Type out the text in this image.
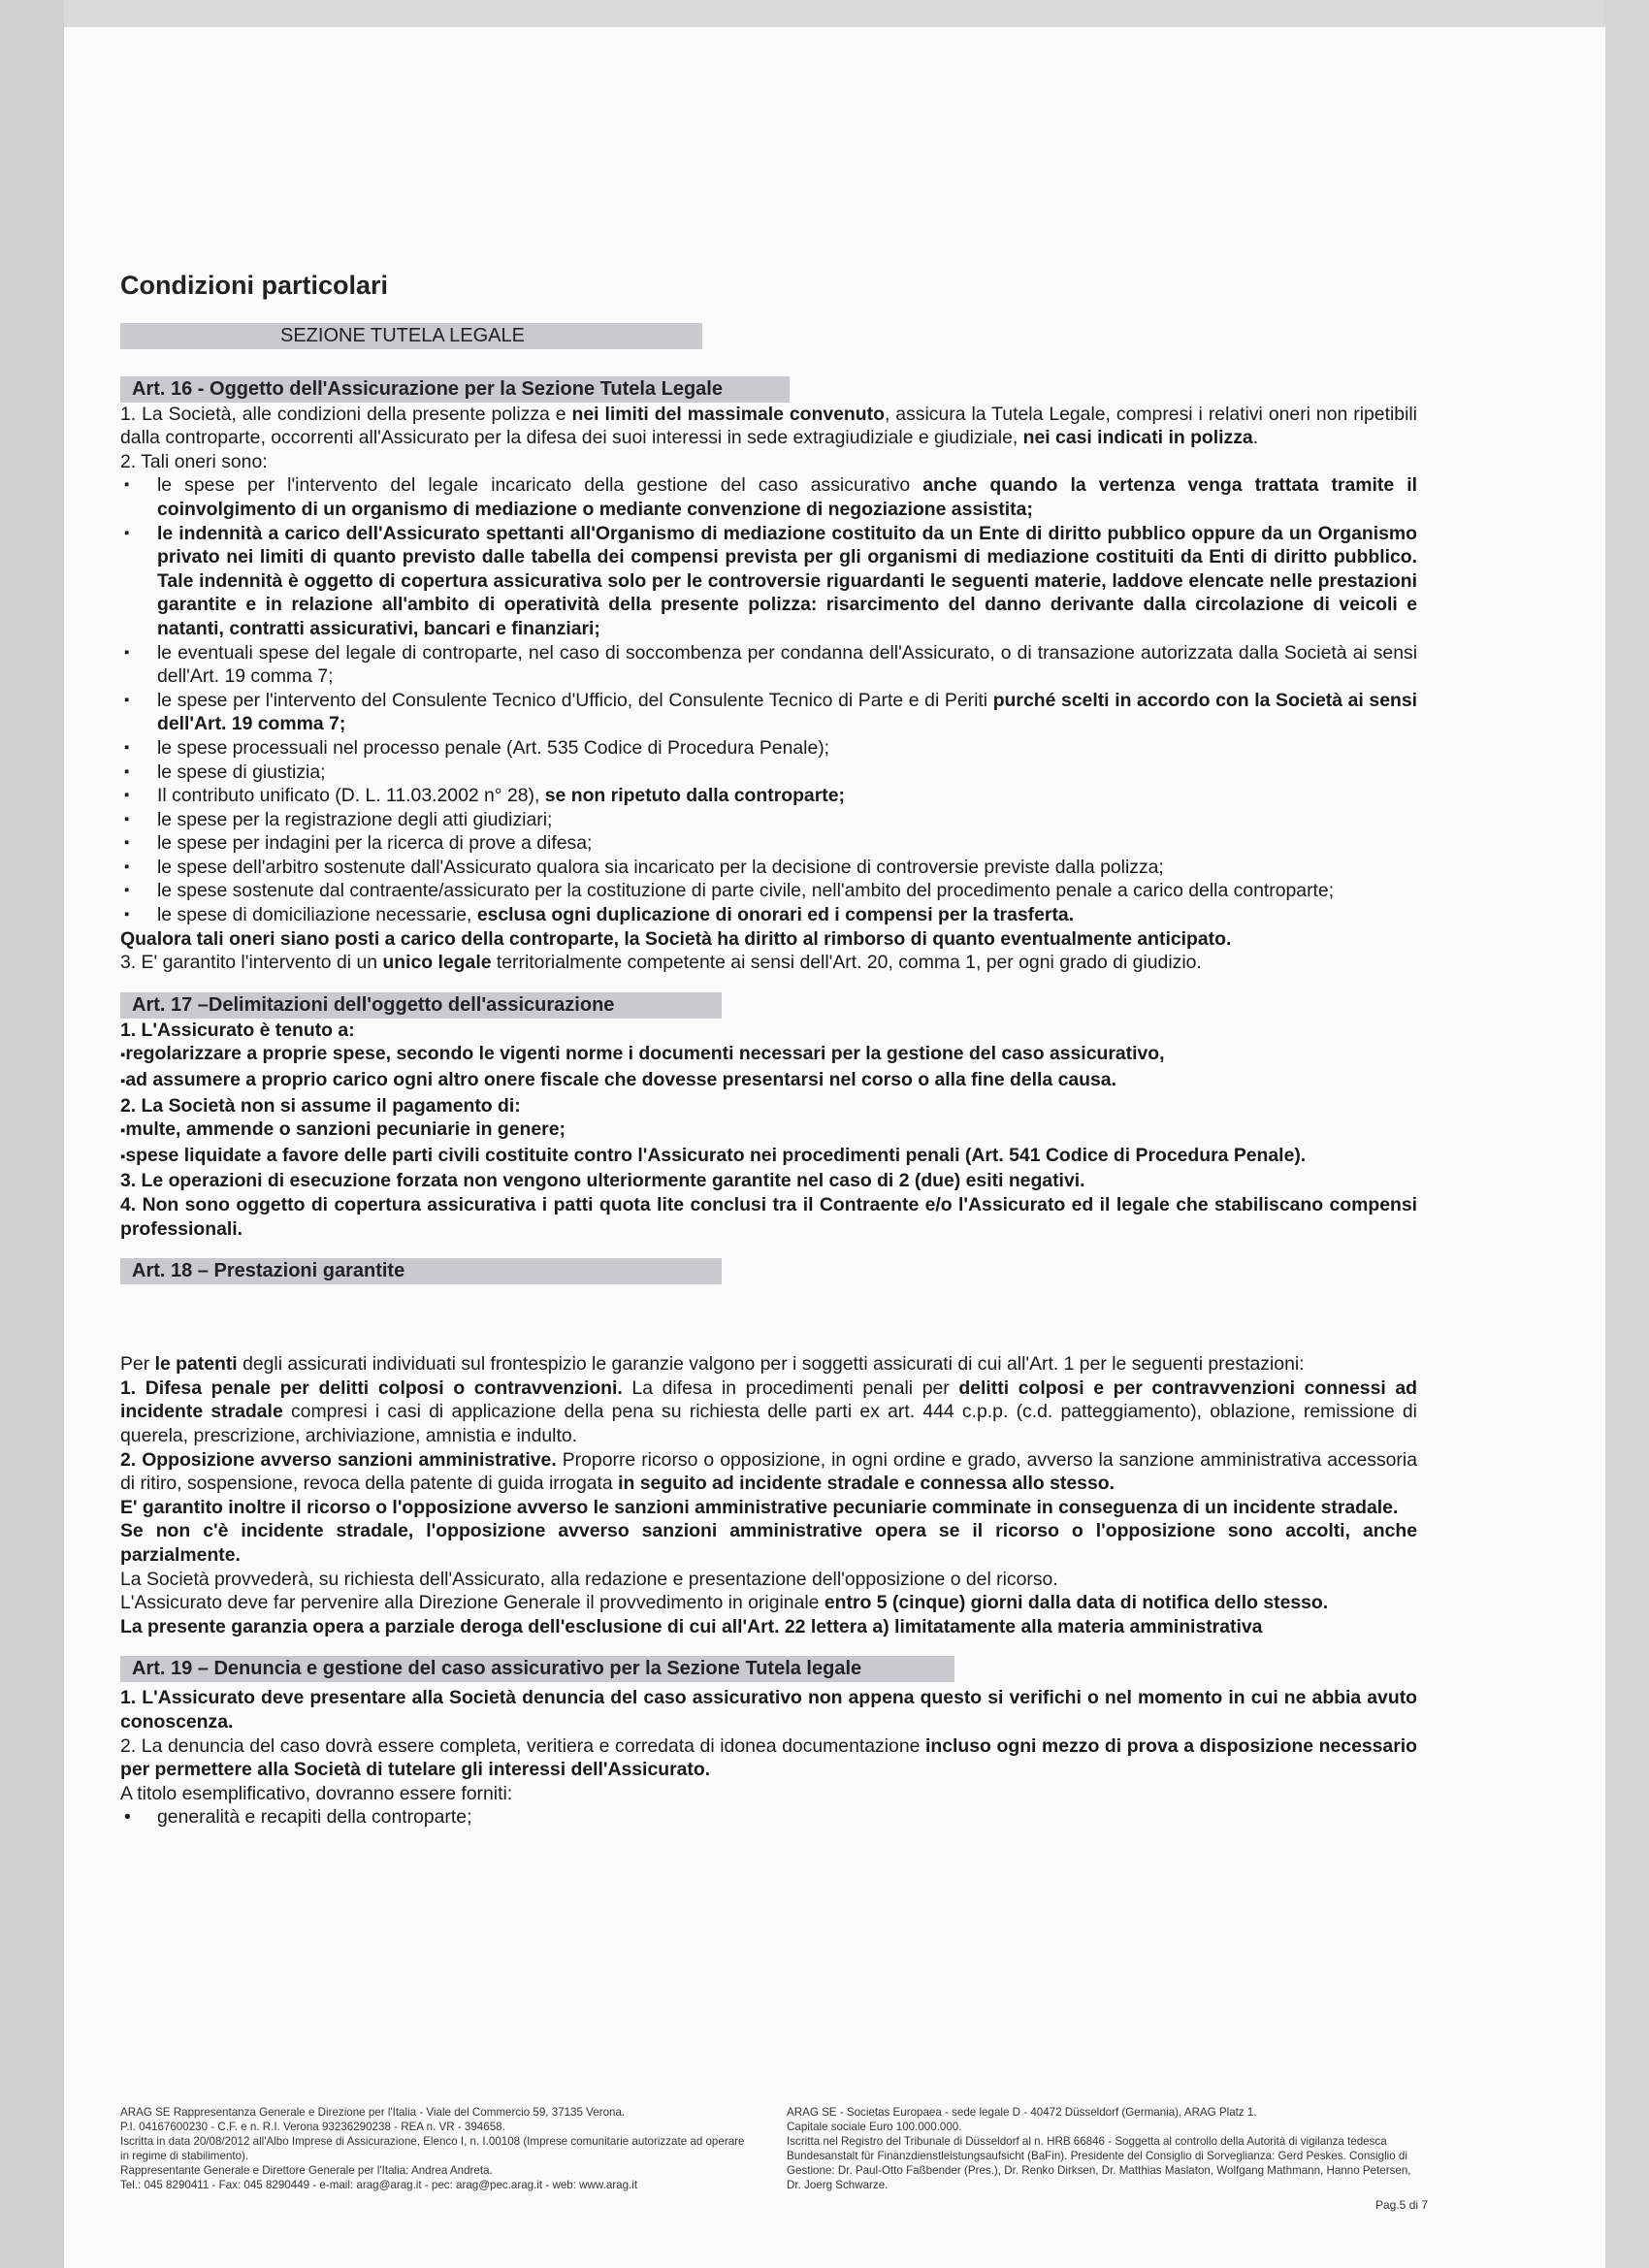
Condizioni particolari
SEZIONE TUTELA LEGALE
Art. 16 - Oggetto dell'Assicurazione per la Sezione Tutela Legale

1. La Società, alle condizioni della presente polizza e nei limiti del massimale convenuto, assicura la Tutela Legale, compresi i relativi oneri non ripetibili dalla controparte, occorrenti all'Assicurato per la difesa dei suoi interessi in sede extragiudiziale e giudiziale, nei casi indicati in polizza.

2. Tali oneri sono:

▪ le spese per l'intervento del legale incaricato della gestione del caso assicurativo anche quando la vertenza venga trattata tramite il coinvolgimento di un organismo di mediazione o mediante convenzione di negoziazione assistita;
▪ le indennità a carico dell'Assicurato spettanti all'Organismo di mediazione costituito da un Ente di diritto pubblico oppure da un Organismo privato nei limiti di quanto previsto dalle tabella dei compensi prevista per gli organismi di mediazione costituiti da Enti di diritto pubblico. Tale indennità è oggetto di copertura assicurativa solo per le controversie riguardanti le seguenti materie, laddove elencate nelle prestazioni garantite e in relazione all'ambito di operatività della presente polizza: risarcimento del danno derivante dalla circolazione di veicoli e natanti, contratti assicurativi, bancari e finanziari;
▪ le eventuali spese del legale di controparte, nel caso di soccombenza per condanna dell'Assicurato, o di transazione autorizzata dalla Società ai sensi dell'Art. 19 comma 7;
▪ le spese per l'intervento del Consulente Tecnico d'Ufficio, del Consulente Tecnico di Parte e di Periti purché scelti in accordo con la Società ai sensi dell'Art. 19 comma 7;
▪ le spese processuali nel processo penale (Art. 535 Codice di Procedura Penale);
▪ le spese di giustizia;
▪ Il contributo unificato (D. L. 11.03.2002 n° 28), se non ripetuto dalla controparte;
▪ le spese per la registrazione degli atti giudiziari;
▪ le spese per indagini per la ricerca di prove a difesa;
▪ le spese dell'arbitro sostenute dall'Assicurato qualora sia incaricato per la decisione di controversie previste dalla polizza;
▪ le spese sostenute dal contraente/assicurato per la costituzione di parte civile, nell'ambito del procedimento penale a carico della controparte;
▪ le spese di domiciliazione necessarie, esclusa ogni duplicazione di onorari ed i compensi per la trasferta.

Qualora tali oneri siano posti a carico della controparte, la Società ha diritto al rimborso di quanto eventualmente anticipato.

3. E' garantito l'intervento di un unico legale territorialmente competente ai sensi dell'Art. 20, comma 1, per ogni grado di giudizio.

Art. 17 –Delimitazioni dell'oggetto dell'assicurazione

1. L'Assicurato è tenuto a:

▪ regolarizzare a proprie spese, secondo le vigenti norme i documenti necessari per la gestione del caso assicurativo,

▪ ad assumere a proprio carico ogni altro onere fiscale che dovesse presentarsi nel corso o alla fine della causa.

2. La Società non si assume il pagamento di:

▪ multe, ammende o sanzioni pecuniarie in genere;

▪ spese liquidate a favore delle parti civili costituite contro l'Assicurato nei procedimenti penali (Art. 541 Codice di Procedura Penale).

3. Le operazioni di esecuzione forzata non vengono ulteriormente garantite nel caso di 2 (due) esiti negativi.

4. Non sono oggetto di copertura assicurativa i patti quota lite conclusi tra il Contraente e/o l'Assicurato ed il legale che stabiliscano compensi professionali.

Art. 18 – Prestazioni garantite

Per le patenti degli assicurati individuati sul frontespizio le garanzie valgono per i soggetti assicurati di cui all'Art. 1 per le seguenti prestazioni:

1. Difesa penale per delitti colposi o contravvenzioni. La difesa in procedimenti penali per delitti colposi e per contravvenzioni connessi ad incidente stradale compresi i casi di applicazione della pena su richiesta delle parti ex art. 444 c.p.p. (c.d. patteggiamento), oblazione, remissione di querela, prescrizione, archiviazione, amnistia e indulto.

2. Opposizione avverso sanzioni amministrative. Proporre ricorso o opposizione, in ogni ordine e grado, avverso la sanzione amministrativa accessoria di ritiro, sospensione, revoca della patente di guida irrogata in seguito ad incidente stradale e connessa allo stesso.

E' garantito inoltre il ricorso o l'opposizione avverso le sanzioni amministrative pecuniarie comminate in conseguenza di un incidente stradale.

Se non c'è incidente stradale, l'opposizione avverso sanzioni amministrative opera se il ricorso o l'opposizione sono accolti, anche parzialmente.

La Società provvederà, su richiesta dell'Assicurato, alla redazione e presentazione dell'opposizione o del ricorso.

L'Assicurato deve far pervenire alla Direzione Generale il provvedimento in originale entro 5 (cinque) giorni dalla data di notifica dello stesso.

La presente garanzia opera a parziale deroga dell'esclusione di cui all'Art. 22 lettera a) limitatamente alla materia amministrativa

Art. 19 – Denuncia e gestione del caso assicurativo per la Sezione Tutela legale

1. L'Assicurato deve presentare alla Società denuncia del caso assicurativo non appena questo si verifichi o nel momento in cui ne abbia avuto conoscenza.

2. La denuncia del caso dovrà essere completa, veritiera e corredata di idonea documentazione incluso ogni mezzo di prova a disposizione necessario per permettere alla Società di tutelare gli interessi dell'Assicurato.

A titolo esemplificativo, dovranno essere forniti:

• generalità e recapiti della controparte;
ARAG SE Rappresentanza Generale e Direzione per l'Italia - Viale del Commercio 59, 37135 Verona.
P.I. 04167600230 - C.F. e n. R.I. Verona 93236290238 - REA n. VR - 394658.
Iscritta in data 20/08/2012 all'Albo Imprese di Assicurazione, Elenco I, n. I.00108 (Imprese comunitarie autorizzate ad operare in regime di stabilimento).
Rappresentante Generale e Direttore Generale per l'Italia: Andrea Andreta.
Tel.: 045 8290411 - Fax: 045 8290449 - e-mail: arag@arag.it - pec: arag@pec.arag.it - web: www.arag.it
ARAG SE - Societas Europaea - sede legale D - 40472 Düsseldorf (Germania), ARAG Platz 1.
Capitale sociale Euro 100.000.000.
Iscritta nel Registro del Tribunale di Düsseldorf al n. HRB 66846 - Soggetta al controllo della Autorità di vigilanza tedesca Bundesanstalt für Finanzdienstleistungsaufsicht (BaFin). Presidente del Consiglio di Sorveglianza: Gerd Peskes. Consiglio di Gestione: Dr. Paul-Otto Faßbender (Pres.), Dr. Renko Dirksen, Dr. Matthias Maslaton, Wolfgang Mathmann, Hanno Petersen, Dr. Joerg Schwarze.
Pag.5 di 7
